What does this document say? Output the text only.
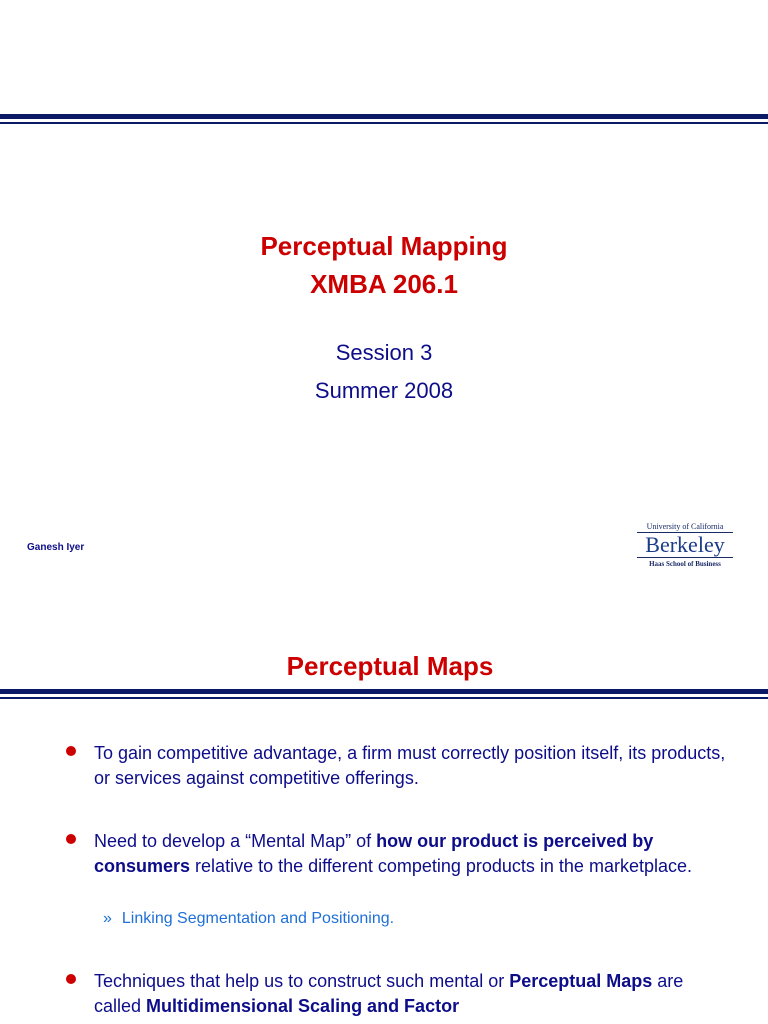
Perceptual Mapping
XMBA 206.1
Session 3
Summer 2008
Ganesh Iyer
University of California
Berkeley
Haas School of Business
Perceptual Maps
To gain competitive advantage, a firm must correctly position itself, its products, or services against competitive offerings.
Need to develop a “Mental Map” of how our product is perceived by consumers relative to the different competing products in the marketplace.
» Linking Segmentation and Positioning.
Techniques that help us to construct such mental or Perceptual Maps are called Multidimensional Scaling and Factor
